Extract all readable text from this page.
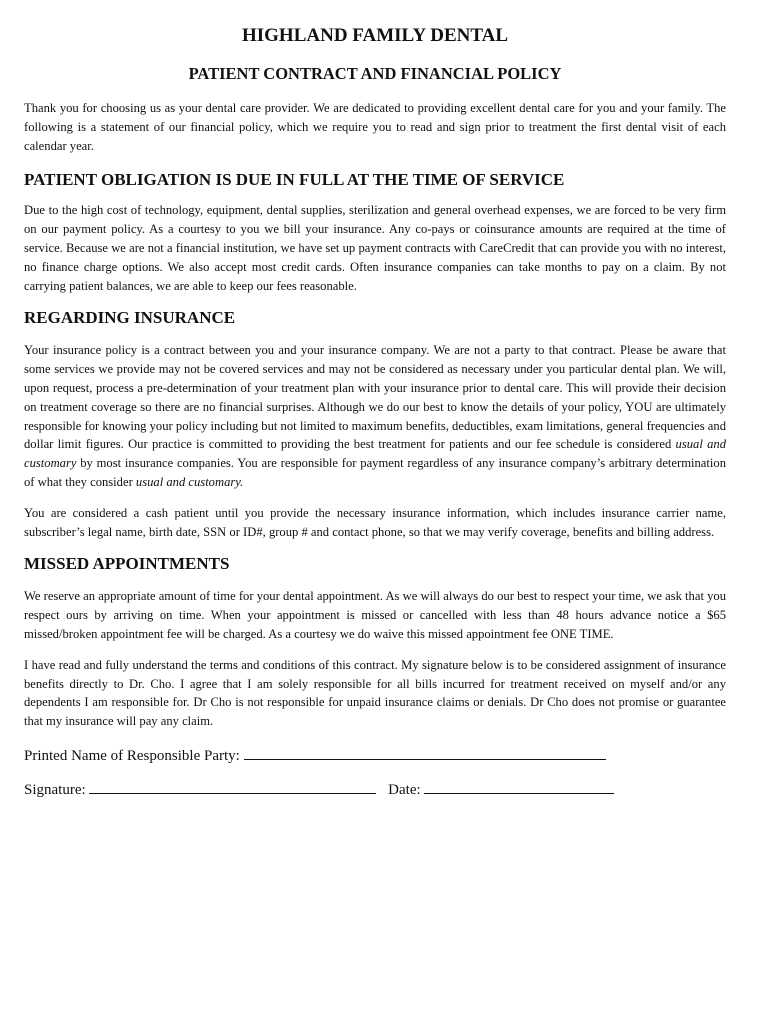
HIGHLAND FAMILY DENTAL
PATIENT CONTRACT AND FINANCIAL POLICY

Thank you for choosing us as your dental care provider. We are dedicated to providing excellent dental care for you and your family. The following is a statement of our financial policy, which we require you to read and sign prior to treatment the first dental visit of each calendar year.

PATIENT OBLIGATION IS DUE IN FULL AT THE TIME OF SERVICE

Due to the high cost of technology, equipment, dental supplies, sterilization and general overhead expenses, we are forced to be very firm on our payment policy. As a courtesy to you we bill your insurance. Any co-pays or coinsurance amounts are required at the time of service. Because we are not a financial institution, we have set up payment contracts with CareCredit that can provide you with no interest, no finance charge options. We also accept most credit cards. Often insurance companies can take months to pay on a claim. By not carrying patient balances, we are able to keep our fees reasonable.

REGARDING INSURANCE

Your insurance policy is a contract between you and your insurance company. We are not a party to that contract. Please be aware that some services we provide may not be covered services and may not be considered as necessary under you particular dental plan. We will, upon request, process a pre-determination of your treatment plan with your insurance prior to dental care. This will provide their decision on treatment coverage so there are no financial surprises. Although we do our best to know the details of your policy, YOU are ultimately responsible for knowing your policy including but not limited to maximum benefits, deductibles, exam limitations, general frequencies and dollar limit figures. Our practice is committed to providing the best treatment for patients and our fee schedule is considered usual and customary by most insurance companies. You are responsible for payment regardless of any insurance company’s arbitrary determination of what they consider usual and customary.

You are considered a cash patient until you provide the necessary insurance information, which includes insurance carrier name, subscriber’s legal name, birth date, SSN or ID#, group # and contact phone, so that we may verify coverage, benefits and billing address.

MISSED APPOINTMENTS

We reserve an appropriate amount of time for your dental appointment. As we will always do our best to respect your time, we ask that you respect ours by arriving on time. When your appointment is missed or cancelled with less than 48 hours advance notice a $65 missed/broken appointment fee will be charged. As a courtesy we do waive this missed appointment fee ONE TIME.

I have read and fully understand the terms and conditions of this contract. My signature below is to be considered assignment of insurance benefits directly to Dr. Cho. I agree that I am solely responsible for all bills incurred for treatment received on myself and/or any dependents I am responsible for. Dr Cho is not responsible for unpaid insurance claims or denials. Dr Cho does not promise or guarantee that my insurance will pay any claim.

Printed Name of Responsible Party:
Signature:	Date:
